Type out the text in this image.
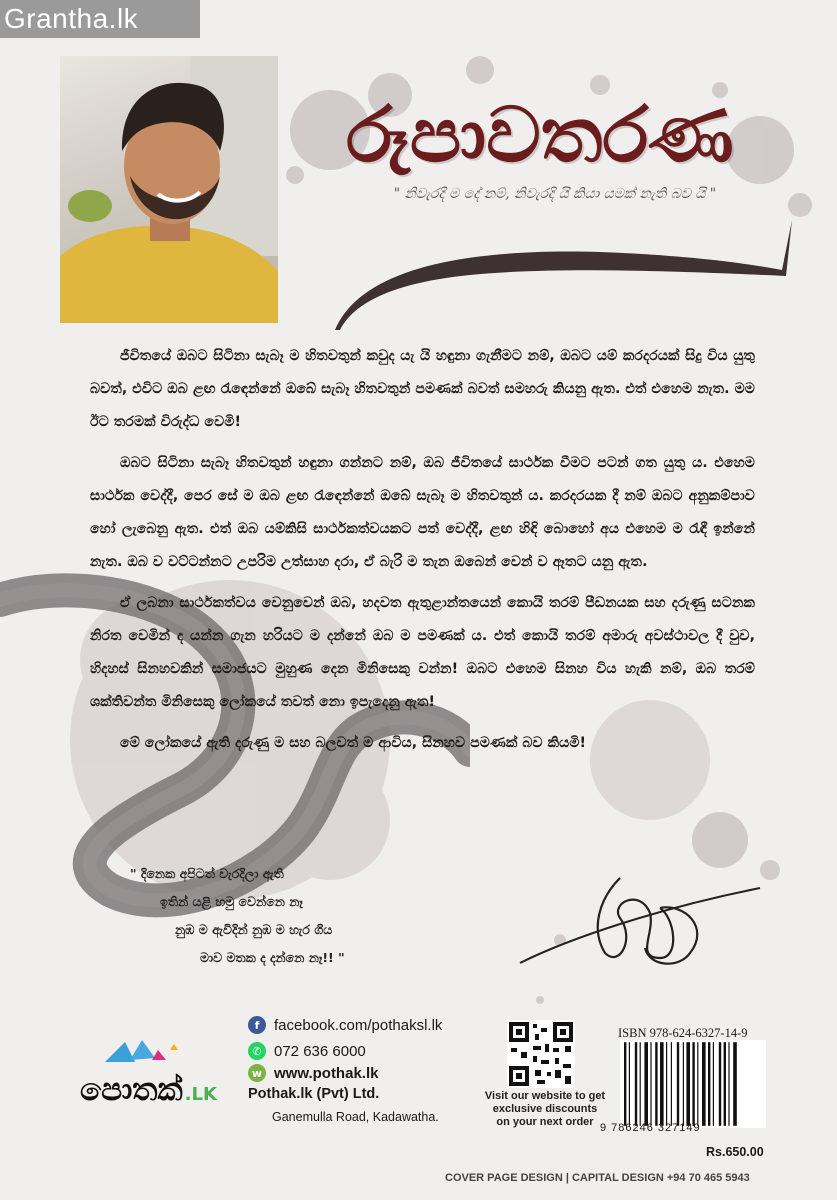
Grantha.lk
රූපාවතරණ
" නිවැරදි ම දේ නම්, නිවැරදි යි කියා යමක් නැති බව යි "

ජීවිතයේ ඔබට සිටිනා සැබෑ ම හිතවතුන් කවුද යැ යි හඳුනා ගැනීමට නම්, ඔබට යම් කරදරයක් සිදු විය යුතු බවත්, එවිට ඔබ ළඟ රැඳෙන්නේ ඔබේ සැබෑ හිතවතුන් පමණක් බවත් සමහරු කියනු ඇත. එත් එහෙම නැත. මම ඊට තරමක් විරුද්ධ වෙමි!

ඔබට සිටිනා සැබෑ හිතවතුන් හඳුනා ගන්නට නම්, ඔබ ජීවිතයේ සාර්ථක වීමට පටන් ගත යුතු ය. එහෙම සාර්ථක වෙද්දී, පෙර සේ ම ඔබ ළඟ රැඳෙන්නේ ඔබේ සැබෑ ම හිතවතුන් ය. කරදරයක දී නම් ඔබට අනුකම්පාව හෝ ලැබෙනු ඇත. එත් ඔබ යම්කිසි සාර්ථකත්වයකට පත් වෙද්දී, ළඟ හිඳි බොහෝ අය එහෙම ම රැඳී ඉන්නේ නැත. ඔබ ව වට්ටන්නට උපරිම උත්සාහ දරා, ඒ බැරි ම තැන ඔබෙන් වෙන් ව ඈතට යනු ඇත.

ඒ ලබනා සාර්ථකත්වය වෙනුවෙන් ඔබ, හදවත ඇතුළාන්තයෙන් කොයි තරම් පීඩනයක සහ දරුණු සටනක නිරත වෙමින් ද යන්න ගැන හරියට ම දන්නේ ඔබ ම පමණක් ය. එත් කොයි තරම් අමාරු අවස්ථාවල දී වුව, හිදහස් සිනහවකින් සමාජයට මුහුණ දෙන මිනිසෙකු වන්න! ඔබට එහෙම සිනහ විය හැකි නම්, ඔබ තරම් ශක්තිවන්ත මිනිසෙකු ලෝකයේ තවත් නො ඉපැදෙනු ඇත!

මේ ලෝකයේ ඇති දරුණු ම සහ බලවත් ම ආවිය, සිනහව පමණක් බව කියමි!

" දිනෙක අපිටත් වැරදිලා ඇති
ඉතින් යළි හමු වෙන්නෙ නෑ
නුඹ ම ඇවිදින් නුඹ ම හැර ගිය
මාව මතක ද දන්නෙ නෑ!! "
පොතක් .LK
f facebook.com/pothaksl.lk
✆ 072 636 6000
w www.pothak.lk
Pothak.lk (Pvt) Ltd.
Ganemulla Road, Kadawatha.
Visit our website to get
exclusive discounts
on your next order
ISBN 978-624-6327-14-9
9 786246 327149
Rs.650.00
COVER PAGE DESIGN | CAPITAL DESIGN +94 70 465 5943
